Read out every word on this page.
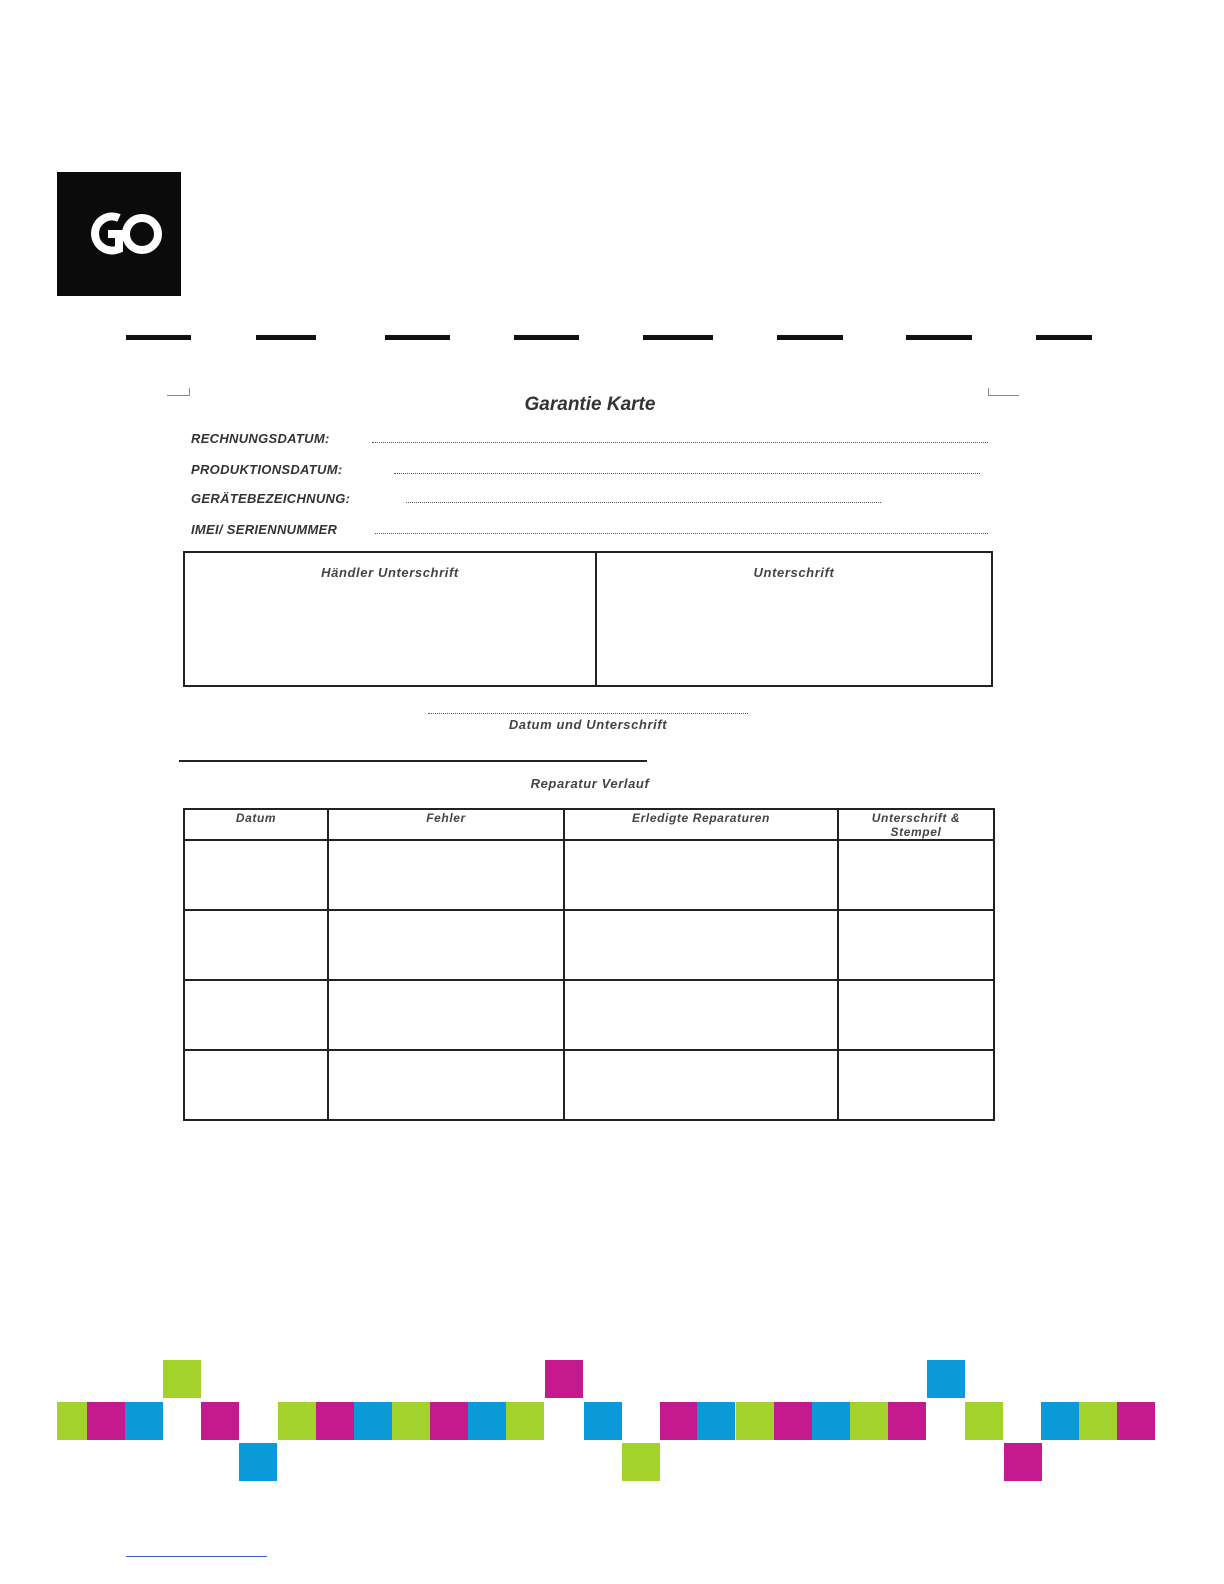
Garantie Karte
RECHNUNGSDATUM:
PRODUKTIONSDATUM:
GERÄTEBEZEICHNUNG:
IMEI/ SERIENNUMMER
Händler Unterschrift	Unterschrift
Datum und Unterschrift
Reparatur Verlauf
Datum	Fehler	Erledigte Reparaturen	Unterschrift & Stempel
